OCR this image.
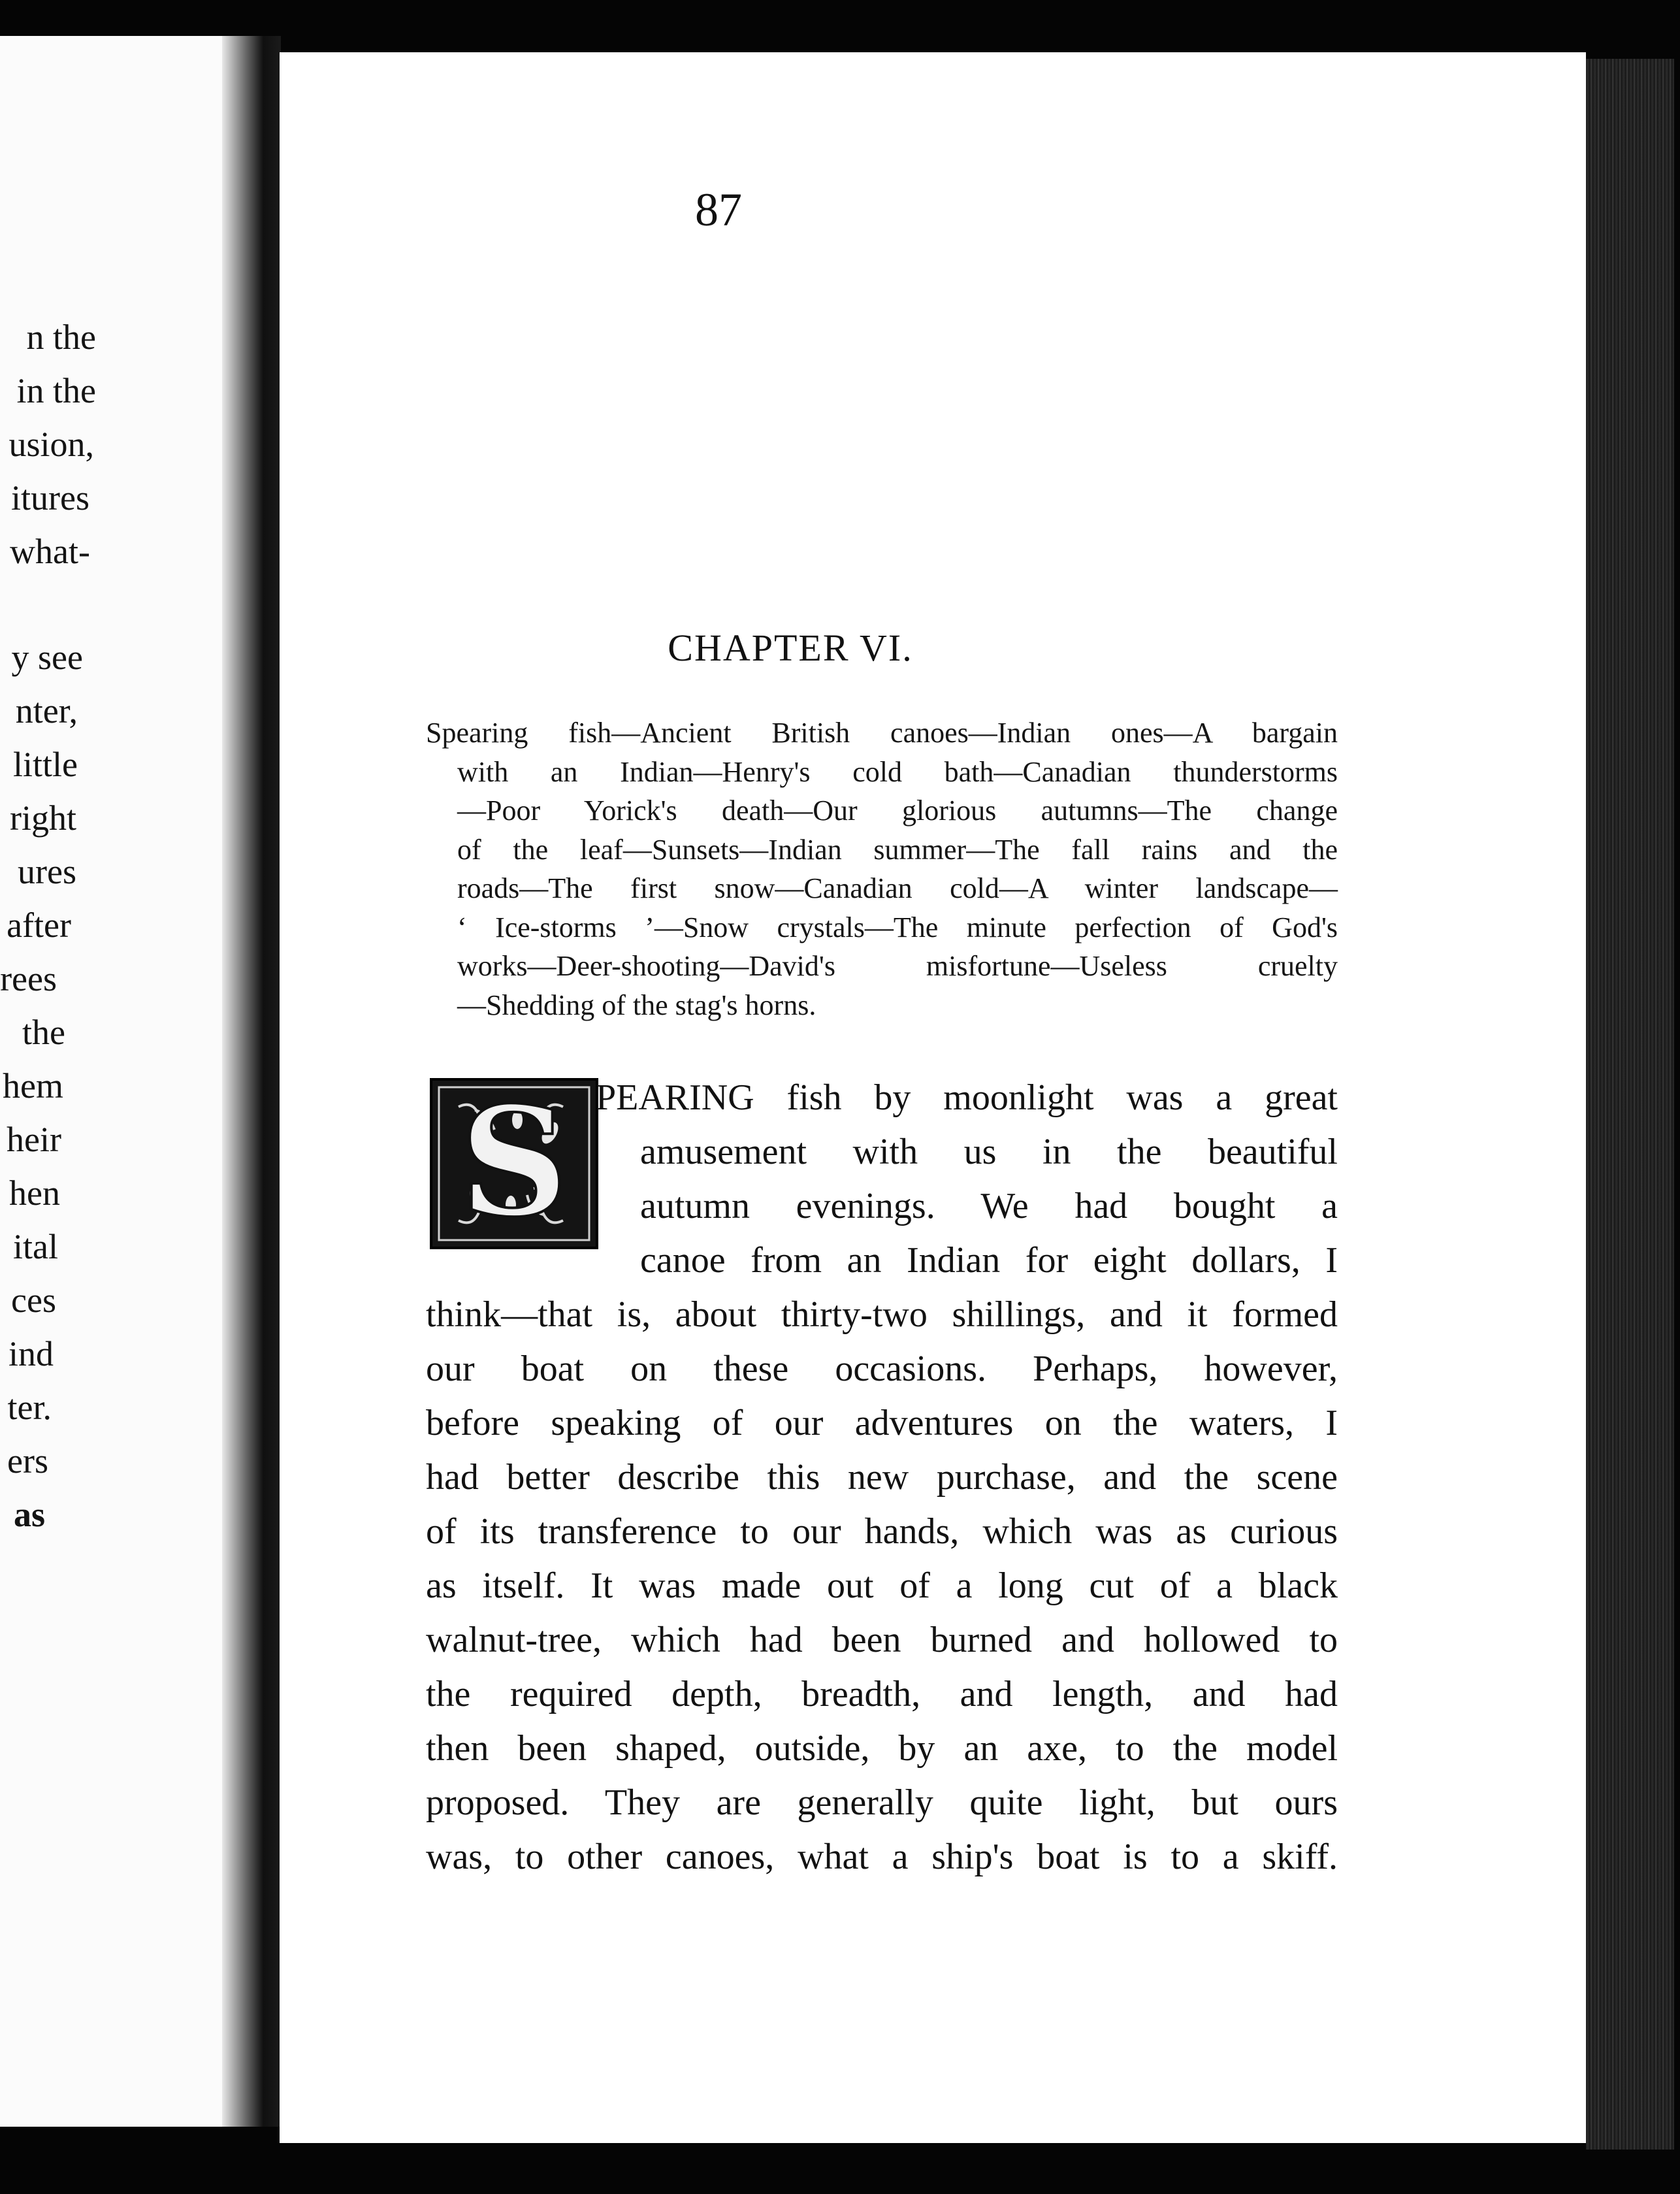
n the
in the
usion,
itures
what-
y see
nter,
little
right
ures
after
rees
the
hem
heir
hen
ital
ces
ind
ter.
ers
as
87
CHAPTER VI.
Spearing fish—Ancient British canoes—Indian ones—A bargain
with an Indian—Henry's cold bath—Canadian thunderstorms
—Poor Yorick's death—Our glorious autumns—The change
of the leaf—Sunsets—Indian summer—The fall rains and the
roads—The first snow—Canadian cold—A winter landscape—
‘ Ice-storms ’—Snow crystals—The minute perfection of God's
works—Deer-shooting—David's misfortune—Useless cruelty
—Shedding of the stag's horns.
S PEARING fish by moonlight was a great
amusement with us in the beautiful
autumn evenings. We had bought a
canoe from an Indian for eight dollars, I
think—that is, about thirty-two shillings, and it formed
our boat on these occasions. Perhaps, however,
before speaking of our adventures on the waters, I
had better describe this new purchase, and the scene
of its transference to our hands, which was as curious
as itself. It was made out of a long cut of a black
walnut-tree, which had been burned and hollowed to
the required depth, breadth, and length, and had
then been shaped, outside, by an axe, to the model
proposed. They are generally quite light, but ours
was, to other canoes, what a ship's boat is to a skiff.
